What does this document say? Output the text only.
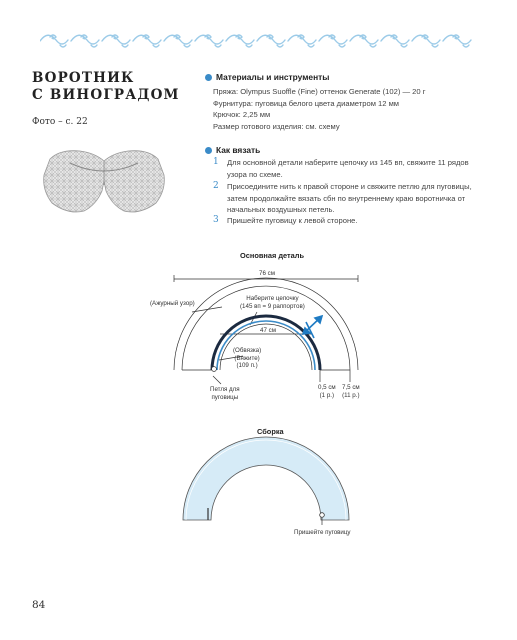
ВОРОТНИК
С ВИНОГРАДОМ
Фото – с. 22
Материалы и инструменты
Пряжа: Olympus Suoffle (Fine) оттенок Generate (102) — 20 г
Фурнитура: пуговица белого цвета диаметром 12 мм
Крючок: 2,25 мм
Размер готового изделия: см. схему
Как вязать
1	Для основной детали наберите цепочку из 145 вп, свяжите 11 рядов узора по схеме.
2	Присоедините нить к правой стороне и свяжите петлю для пуговицы, затем продолжайте вязать сбн по внутреннему краю воротничка от начальных воздушных петель.
3	Пришейте пуговицу к левой стороне.
Основная деталь
76 см
(Ажурный узор)
Наберите цепочку
(145 вп = 9 раппортов)
47 см
(Обвязка)
(Вяжите)
(109 п.)
Петля для
пуговицы
0,5 см
(1 р.)
7,5 см
(11 р.)
Сборка
Пришейте пуговицу
84
